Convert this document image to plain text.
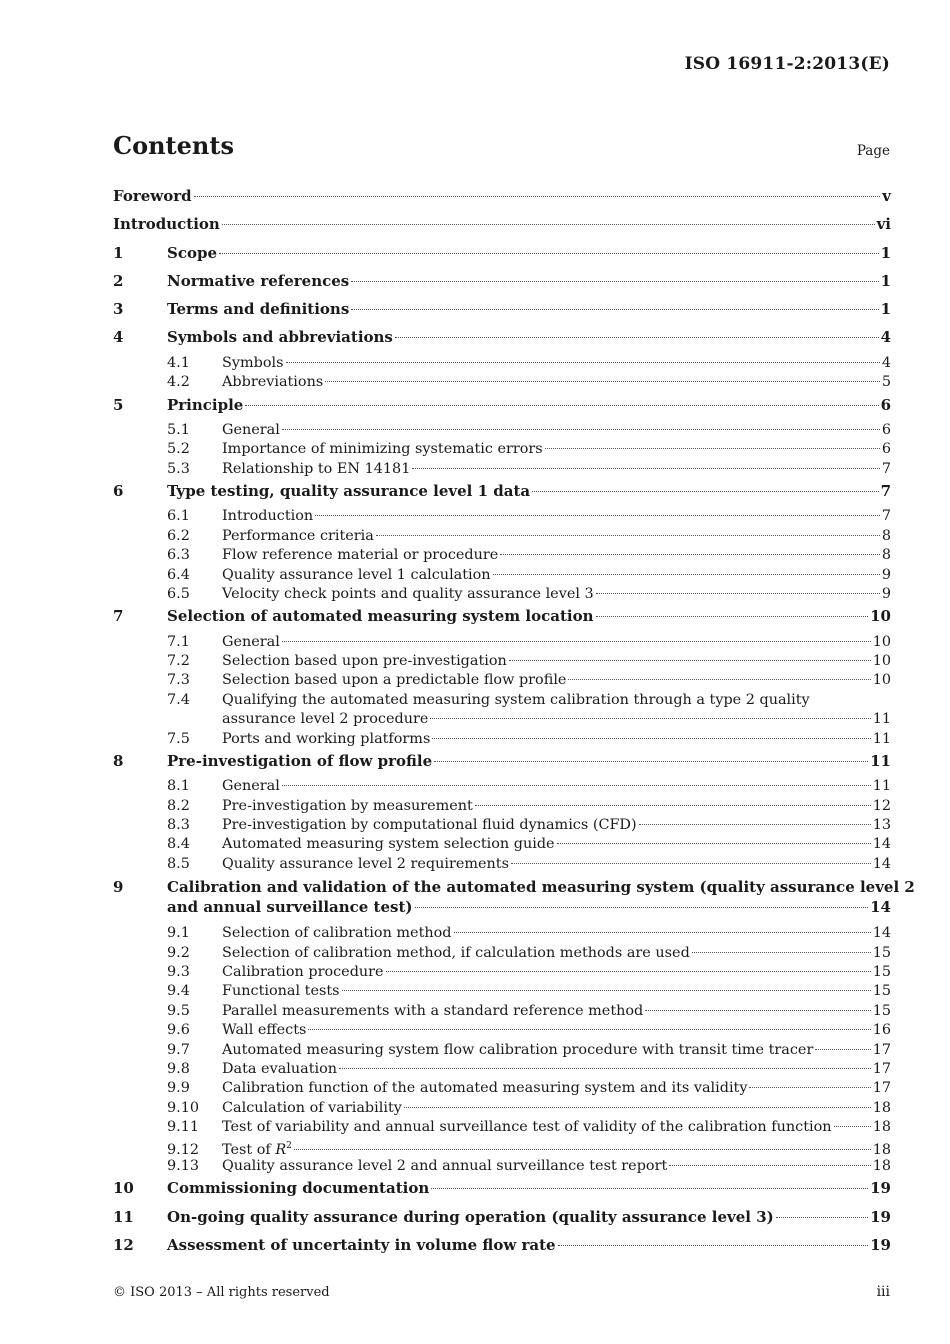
ISO 16911-2:2013(E)
Contents	Page
Foreword	v
Introduction	vi
1	Scope	1
2	Normative references	1
3	Terms and definitions	1
4	Symbols and abbreviations	4
4.1	Symbols	4
4.2	Abbreviations	5
5	Principle	6
5.1	General	6
5.2	Importance of minimizing systematic errors	6
5.3	Relationship to EN 14181	7
6	Type testing, quality assurance level 1 data	7
6.1	Introduction	7
6.2	Performance criteria	8
6.3	Flow reference material or procedure	8
6.4	Quality assurance level 1 calculation	9
6.5	Velocity check points and quality assurance level 3	9
7	Selection of automated measuring system location	10
7.1	General	10
7.2	Selection based upon pre-investigation	10
7.3	Selection based upon a predictable flow profile	10
7.4	Qualifying the automated measuring system calibration through a type 2 quality
assurance level 2 procedure	11
7.5	Ports and working platforms	11
8	Pre-investigation of flow profile	11
8.1	General	11
8.2	Pre-investigation by measurement	12
8.3	Pre-investigation by computational fluid dynamics (CFD)	13
8.4	Automated measuring system selection guide	14
8.5	Quality assurance level 2 requirements	14
9	Calibration and validation of the automated measuring system (quality assurance level 2
and annual surveillance test)	14
9.1	Selection of calibration method	14
9.2	Selection of calibration method, if calculation methods are used	15
9.3	Calibration procedure	15
9.4	Functional tests	15
9.5	Parallel measurements with a standard reference method	15
9.6	Wall effects	16
9.7	Automated measuring system flow calibration procedure with transit time tracer	17
9.8	Data evaluation	17
9.9	Calibration function of the automated measuring system and its validity	17
9.10	Calculation of variability	18
9.11	Test of variability and annual surveillance test of validity of the calibration function	18
9.12	Test of $R^2$	18
9.13	Quality assurance level 2 and annual surveillance test report	18
10	Commissioning documentation	19
11	On-going quality assurance during operation (quality assurance level 3)	19
12	Assessment of uncertainty in volume flow rate	19
© ISO 2013 – All rights reserved	iii
